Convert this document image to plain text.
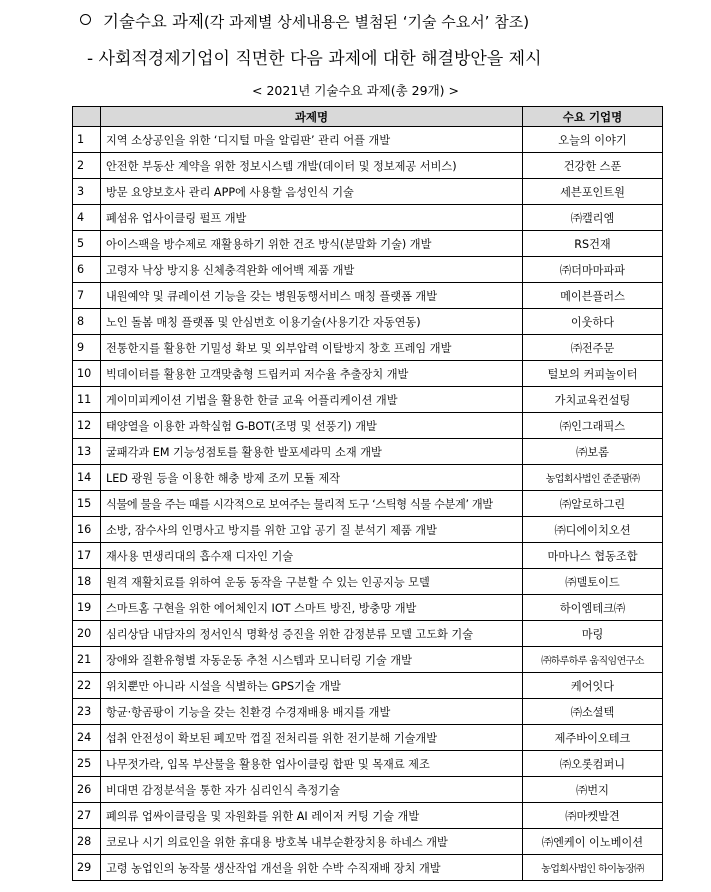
기술수요 과제(각 과제별 상세내용은 별첨된 ‘기술 수요서’ 참조)
- 사회적경제기업이 직면한 다음 과제에 대한 해결방안을 제시
< 2021년 기술수요 과제(총 29개) >
	과제명	수요 기업명
1	지역 소상공인을 위한 ‘디지털 마을 알림판’ 관리 어플 개발	오늘의 이야기
2	안전한 부동산 계약을 위한 정보시스템 개발(데이터 및 정보제공 서비스)	건강한 스푼
3	방문 요양보호사 관리 APP에 사용할 음성인식 기술	세븐포인트원
4	폐섬유 업사이클링 펄프 개발	㈜캘리엠
5	아이스팩을 방수제로 재활용하기 위한 건조 방식(분말화 기술) 개발	RS건재
6	고령자 낙상 방지용 신체충격완화 에어백 제품 개발	㈜더마마파파
7	내원예약 및 큐레이션 기능을 갖는 병원동행서비스 매칭 플랫폼 개발	메이븐플러스
8	노인 돌봄 매칭 플랫폼 및 안심번호 이용기술(사용기간 자동연동)	이웃하다
9	전통한지를 활용한 기밀성 확보 및 외부압력 이탈방지 창호 프레임 개발	㈜전주문
10	빅데이터를 활용한 고객맞춤형 드립커피 저수율 추출장치 개발	털보의 커피놀이터
11	게이미피케이션 기법을 활용한 한글 교육 어플리케이션 개발	가치교육컨설팅
12	태양열을 이용한 과학실험 G-BOT(조명 및 선풍기) 개발	㈜인그래픽스
13	굴패각과 EM 기능성점토를 활용한 발포세라믹 소재 개발	㈜보롬
14	LED 광원 등을 이용한 해충 방제 조끼 모듈 제작	농업회사법인 준준팜㈜
15	식물에 물을 주는 때를 시각적으로 보여주는 물리적 도구 ‘스틱형 식물 수분계’ 개발	㈜알로하그린
16	소방, 잠수사의 인명사고 방지를 위한 고압 공기 질 분석기 제품 개발	㈜디에이치오션
17	재사용 면생리대의 흡수재 디자인 기술	마마나스 협동조합
18	원격 재활치료를 위하여 운동 동작을 구분할 수 있는 인공지능 모델	㈜델토이드
19	스마트홈 구현을 위한 에어체인지 IOT 스마트 방진, 방충망 개발	하이엠테크㈜
20	심리상담 내담자의 정서인식 명확성 증진을 위한 감정분류 모델 고도화 기술	마링
21	장애와 질환유형별 자동운동 추천 시스템과 모니터링 기술 개발	㈜하루하루 움직임연구소
22	위치뿐만 아니라 시설을 식별하는 GPS기술 개발	케어잇다
23	항균·항곰팡이 기능을 갖는 친환경 수경재배용 배지를 개발	㈜소셜텍
24	섭취 안전성이 확보된 폐꼬막 껍질 전처리를 위한 전기분해 기술개발	제주바이오테크
25	나무젓가락, 입목 부산물을 활용한 업사이클링 합판 및 목재료 제조	㈜오롯컴퍼니
26	비대면 감정분석을 통한 자가 심리인식 측정기술	㈜번지
27	폐의류 업싸이클링을 및 자원화를 위한 AI 레이저 커팅 기술 개발	㈜마켓발견
28	코로나 시기 의료인을 위한 휴대용 방호복 내부순환장치용 하네스 개발	㈜엔케이 이노베이션
29	고령 농업인의 농작물 생산작업 개선을 위한 수박 수직재배 장치 개발	농업회사법인 하이농장㈜
